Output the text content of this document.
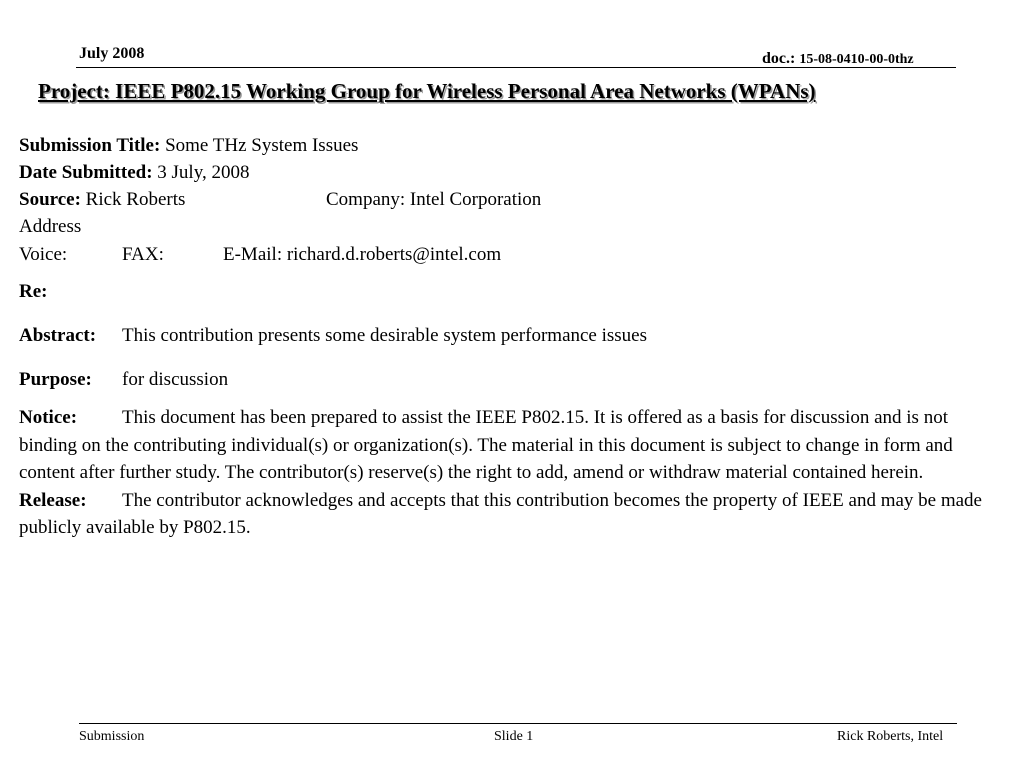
July 2008	doc.: 15-08-0410-00-0thz
Project: IEEE P802.15 Working Group for Wireless Personal Area Networks (WPANs)
Submission Title: Some THz System Issues
Date Submitted: 3 July, 2008
Source: Rick Roberts	Company: Intel Corporation
Address
Voice:	FAX:	E-Mail: richard.d.roberts@intel.com
Re:
Abstract: This contribution presents some desirable system performance issues
Purpose: for discussion
Notice: This document has been prepared to assist the IEEE P802.15. It is offered as a basis for discussion and is not binding on the contributing individual(s) or organization(s). The material in this document is subject to change in form and content after further study. The contributor(s) reserve(s) the right to add, amend or withdraw material contained herein.
Release: The contributor acknowledges and accepts that this contribution becomes the property of IEEE and may be made publicly available by P802.15.
Submission	Slide 1	Rick Roberts, Intel
